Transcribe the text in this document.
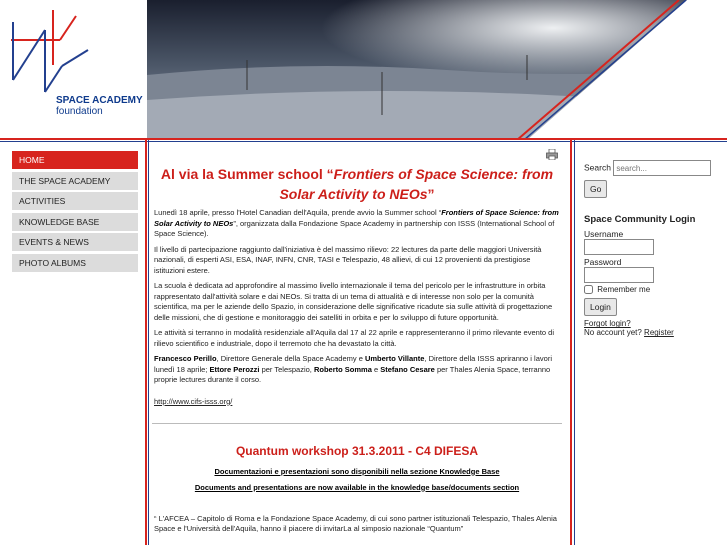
SPACE ACADEMY
foundation
HOME
THE SPACE ACADEMY
ACTIVITIES
KNOWLEDGE BASE
EVENTS & NEWS
PHOTO ALBUMS
Al via la Summer school “Frontiers of Space Science: from Solar Activity to NEOs”

Lunedì 18 aprile, presso l'Hotel Canadian dell'Aquila, prende avvio la Summer school “Frontiers of Space Science: from Solar Activity to NEOs”, organizzata dalla Fondazione Space Academy in partnership con ISSS (International School of Space Science).

Il livello di partecipazione raggiunto dall'iniziativa è del massimo rilievo: 22 lectures da parte delle maggiori Università nazionali, di esperti ASI, ESA, INAF, INFN, CNR, TASI e Telespazio, 48 allievi, di cui 12 provenienti da prestigiose istituzioni estere.

La scuola è dedicata ad approfondire al massimo livello internazionale il tema del pericolo per le infrastrutture in orbita rappresentato dall'attività solare e dai NEOs. Si tratta di un tema di attualità e di interesse non solo per la comunità scientifica, ma per le aziende dello Spazio, in considerazione delle significative ricadute sia sulle attività di progettazione delle missioni, che di gestione e monitoraggio dei satelliti in orbita e per lo sviluppo di future opportunità.

Le attività si terranno in modalità residenziale all'Aquila dal 17 al 22 aprile e rappresenteranno il primo rilevante evento di rilievo scientifico e industriale, dopo il terremoto che ha devastato la città.

Francesco Perillo, Direttore Generale della Space Academy e Umberto Villante, Direttore della ISSS apriranno i lavori lunedì 18 aprile; Ettore Perozzi per Telespazio, Roberto Somma e Stefano Cesare per Thales Alenia Space, terranno proprie lectures durante il corso.

http://www.cifs-isss.org/
Quantum workshop 31.3.2011 - C4 DIFESA
Documentazioni e presentazioni sono disponibili nella sezione Knowledge Base
Documents and presentations are now available in the knowledge base/documents section

“ L'AFCEA – Capitolo di Roma e la Fondazione Space Academy, di cui sono partner istituzionali Telespazio, Thales Alenia Space e l'Università dell'Aquila, hanno il piacere di invitarLa al simposio nazionale “Quantum”

Search search...
Go
Space Community Login
Username
Password
Remember me
Login
Forgot login?
No account yet? Register
